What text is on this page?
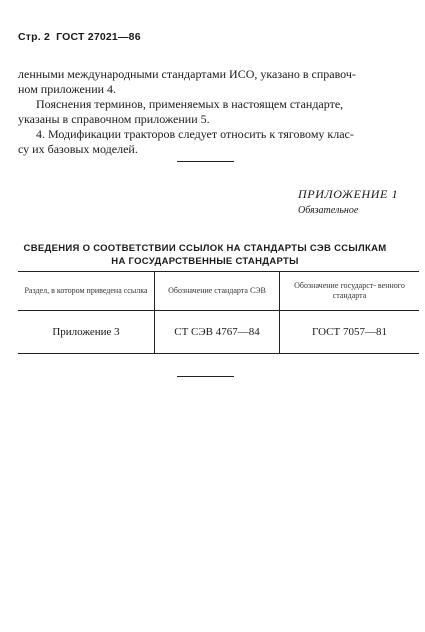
Стр. 2 ГОСТ 27021—86
ленными международными стандартами ИСО, указано в справоч-
ном приложении 4.
Пояснения терминов, применяемых в настоящем стандарте,
указаны в справочном приложении 5.
4. Модификации тракторов следует относить к тяговому клас-
су их базовых моделей.
ПРИЛОЖЕНИЕ 1
Обязательное
СВЕДЕНИЯ О СООТВЕТСТВИИ ССЫЛОК НА СТАНДАРТЫ СЭВ ССЫЛКАМ
НА ГОСУДАРСТВЕННЫЕ СТАНДАРТЫ
Раздел, в котором приведена ссылка	Обозначение стандарта СЭВ	Обозначение государст- венного стандарта
Приложение 3	СТ СЭВ 4767—84	ГОСТ 7057—81
